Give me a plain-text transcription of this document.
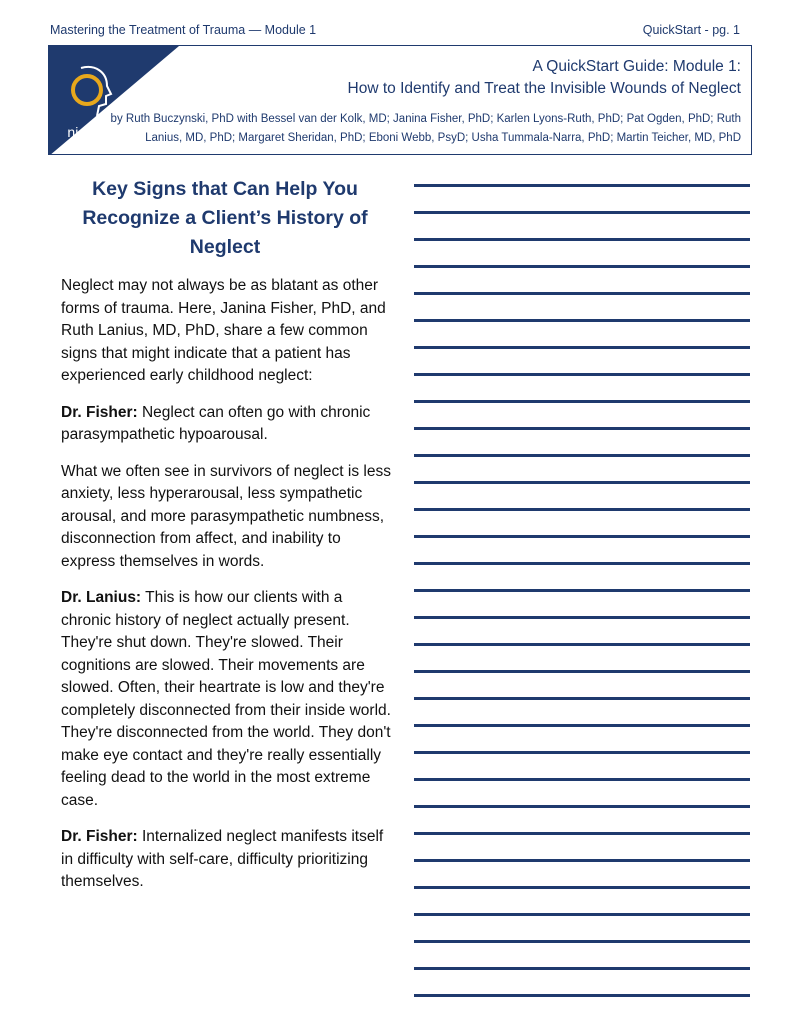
Mastering the Treatment of Trauma — Module 1	QuickStart - pg. 1
nicabm
A QuickStart Guide: Module 1:
How to Identify and Treat the Invisible Wounds of Neglect
by Ruth Buczynski, PhD with Bessel van der Kolk, MD; Janina Fisher, PhD; Karlen Lyons-Ruth, PhD; Pat Ogden, PhD; Ruth
Lanius, MD, PhD; Margaret Sheridan, PhD; Eboni Webb, PsyD; Usha Tummala-Narra, PhD; Martin Teicher, MD, PhD
Key Signs that Can Help You Recognize a Client’s History of Neglect

Neglect may not always be as blatant as other forms of trauma. Here, Janina Fisher, PhD, and Ruth Lanius, MD, PhD, share a few common signs that might indicate that a patient has experienced early childhood neglect:

Dr. Fisher: Neglect can often go with chronic parasympathetic hypoarousal.

What we often see in survivors of neglect is less anxiety, less hyperarousal, less sympathetic arousal, and more parasympathetic numbness, disconnection from affect, and inability to express themselves in words.

Dr. Lanius: This is how our clients with a chronic history of neglect actually present. They're shut down. They're slowed. Their cognitions are slowed. Their movements are slowed. Often, their heartrate is low and they're completely disconnected from their inside world. They're disconnected from the world. They don't make eye contact and they're really essentially feeling dead to the world in the most extreme case.

Dr. Fisher: Internalized neglect manifests itself in difficulty with self-care, difficulty prioritizing themselves.
